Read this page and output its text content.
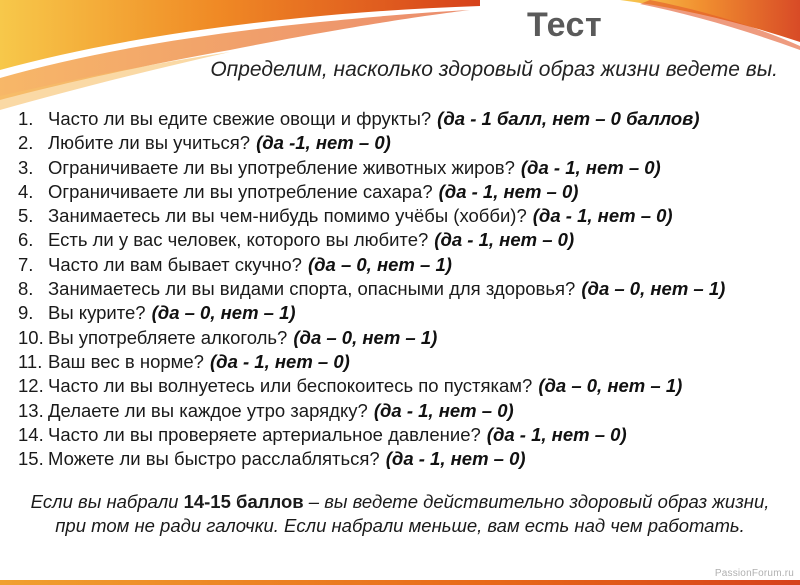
Тест
Определим, насколько здоровый образ жизни ведете вы.
1. Часто ли вы едите свежие овощи и фрукты? (да - 1 балл, нет – 0 баллов)
2. Любите ли вы учиться? (да -1, нет – 0)
3. Ограничиваете ли вы употребление животных жиров? (да - 1, нет – 0)
4. Ограничиваете ли вы употребление сахара? (да - 1, нет – 0)
5. Занимаетесь ли вы чем-нибудь помимо учёбы (хобби)? (да - 1, нет – 0)
6. Есть ли у вас человек, которого вы любите? (да - 1, нет – 0)
7. Часто ли вам бывает скучно? (да – 0, нет – 1)
8. Занимаетесь ли вы видами спорта, опасными для здоровья? (да – 0, нет – 1)
9. Вы курите? (да – 0, нет – 1)
10. Вы употребляете алкоголь? (да – 0, нет – 1)
11. Ваш вес в норме? (да - 1, нет – 0)
12. Часто ли вы волнуетесь или беспокоитесь по пустякам? (да – 0, нет – 1)
13. Делаете ли вы каждое утро зарядку? (да - 1, нет – 0)
14. Часто ли вы проверяете артериальное давление? (да - 1, нет – 0)
15. Можете ли вы быстро расслабляться? (да - 1, нет – 0)
Если вы набрали 14-15 баллов – вы ведете действительно здоровый образ жизни, при том не ради галочки. Если набрали меньше, вам есть над чем работать.
PassionForum.ru
